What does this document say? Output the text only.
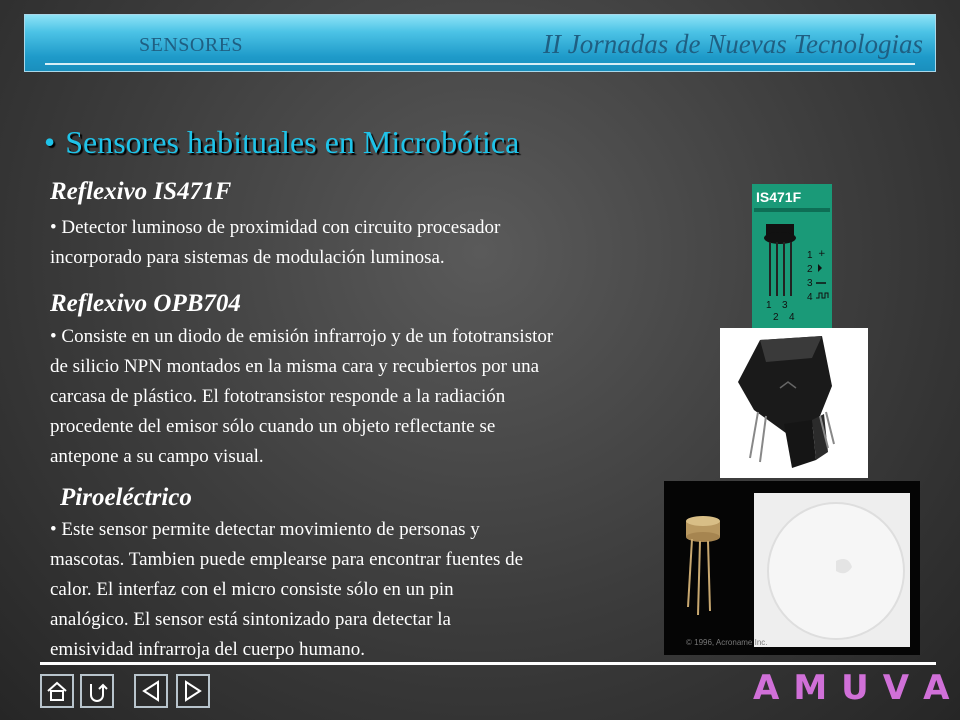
SENSORES	II Jornadas de Nuevas Tecnologias
• Sensores habituales en Microbótica
Reflexivo IS471F
• Detector luminoso de proximidad con circuito procesador
incorporado para sistemas de modulación luminosa.
Reflexivo OPB704
• Consiste en un diodo de emisión infrarrojo y de un fototransistor
de silicio NPN montados en la misma cara y recubiertos por una
carcasa de plástico. El fototransistor responde a la radiación
procedente del emisor sólo cuando un objeto reflectante se
antepone a su campo visual.
Piroeléctrico
• Este sensor permite detectar movimiento de personas y
mascotas. Tambien puede emplearse para encontrar fuentes de
calor. El interfaz con el micro consiste sólo en un pin
analógico. El sensor está sintonizado para detectar la
emisividad infrarroja del cuerpo humano.
IS471F
1
2
3
4
+
1 3
2 4
© 1996, Acroname Inc.
A M U V A
